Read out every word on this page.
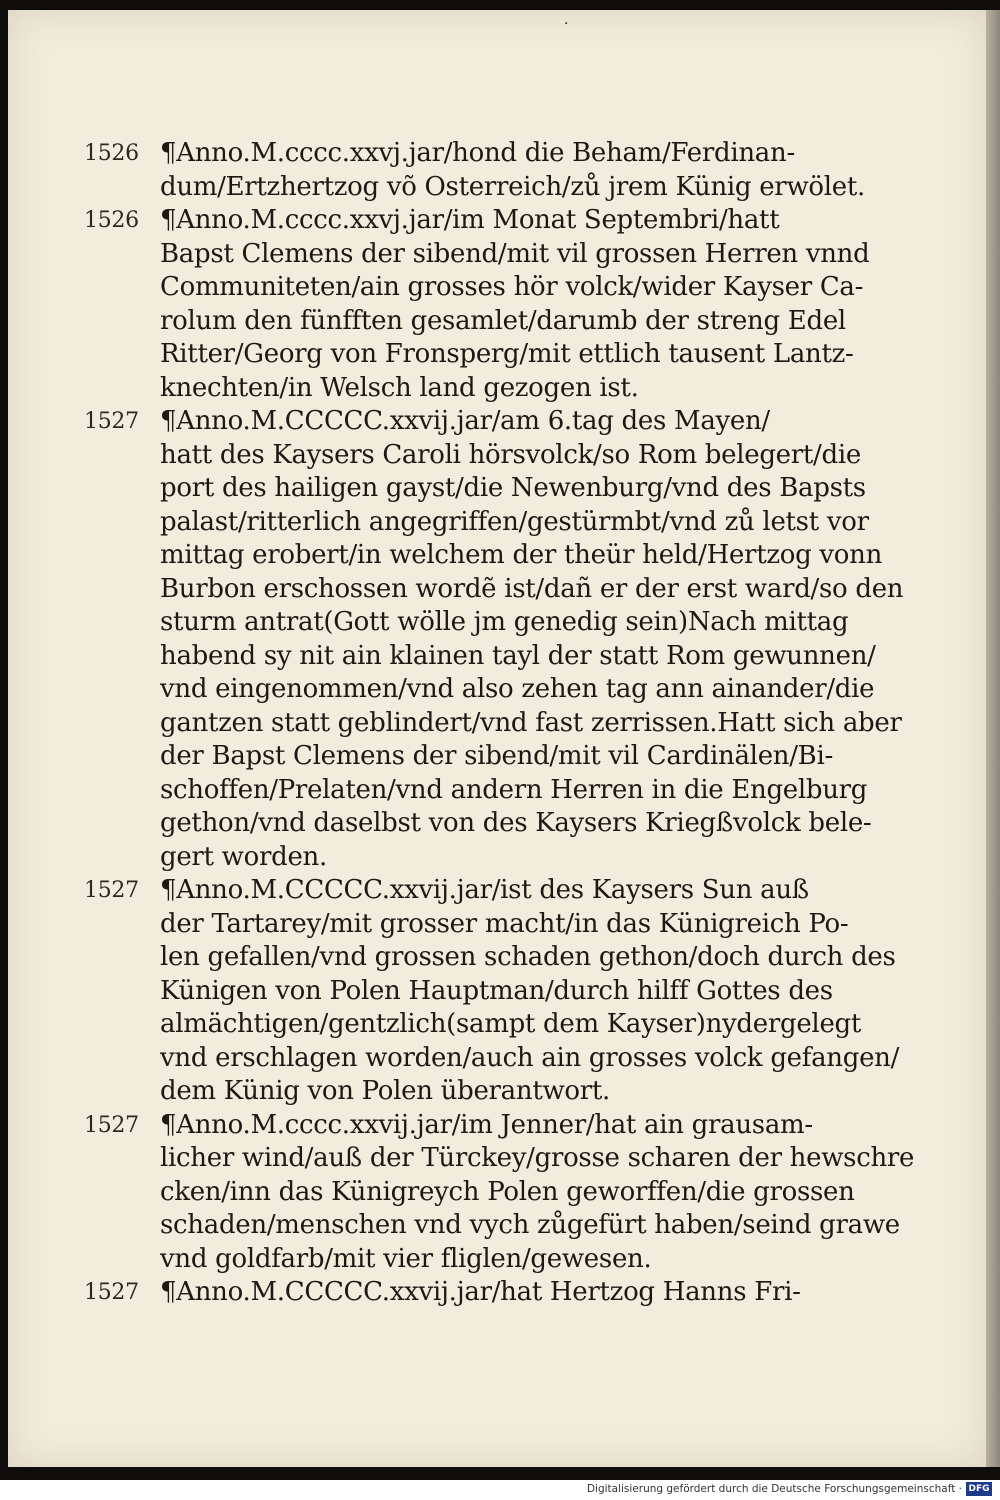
·
1526 ¶Anno.M.cccc.xxvj.jar/hond die Beham/Ferdinan-
dum/Ertzhertzog võ Osterreich/zů jrem Künig erwölet.
1526 ¶Anno.M.cccc.xxvj.jar/im Monat Septembri/hatt
Bapst Clemens der sibend/mit vil grossen Herren vnnd
Communiteten/ain grosses hör volck/wider Kayser Ca-
rolum den fünfften gesamlet/darumb der streng Edel
Ritter/Georg von Fronsperg/mit ettlich tausent Lantz-
knechten/in Welsch land gezogen ist.
1527 ¶Anno.M.CCCCC.xxvij.jar/am 6.tag des Mayen/
hatt des Kaysers Caroli hörsvolck/so Rom belegert/die
port des hailigen gayst/die Newenburg/vnd des Bapsts
palast/ritterlich angegriffen/gestürmbt/vnd zů letst vor
mittag erobert/in welchem der theür held/Hertzog vonn
Burbon erschossen wordẽ ist/dañ er der erst ward/so den
sturm antrat(Gott wölle jm genedig sein)Nach mittag
habend sy nit ain klainen tayl der statt Rom gewunnen/
vnd eingenommen/vnd also zehen tag ann ainander/die
gantzen statt geblindert/vnd fast zerrissen.Hatt sich aber
der Bapst Clemens der sibend/mit vil Cardinälen/Bi-
schoffen/Prelaten/vnd andern Herren in die Engelburg
gethon/vnd daselbst von des Kaysers Kriegßvolck bele-
gert worden.
1527 ¶Anno.M.CCCCC.xxvij.jar/ist des Kaysers Sun auß
der Tartarey/mit grosser macht/in das Künigreich Po-
len gefallen/vnd grossen schaden gethon/doch durch des
Künigen von Polen Hauptman/durch hilff Gottes des
almächtigen/gentzlich(sampt dem Kayser)nydergelegt
vnd erschlagen worden/auch ain grosses volck gefangen/
dem Künig von Polen überantwort.
1527 ¶Anno.M.cccc.xxvij.jar/im Jenner/hat ain grausam-
licher wind/auß der Türckey/grosse scharen der hewschre
cken/inn das Künigreych Polen geworffen/die grossen
schaden/menschen vnd vych zůgefürt haben/seind grawe
vnd goldfarb/mit vier fliglen/gewesen.
1527 ¶Anno.M.CCCCC.xxvij.jar/hat Hertzog Hanns Fri-
Digitalisierung gefördert durch die Deutsche Forschungsgemeinschaft · DFG
